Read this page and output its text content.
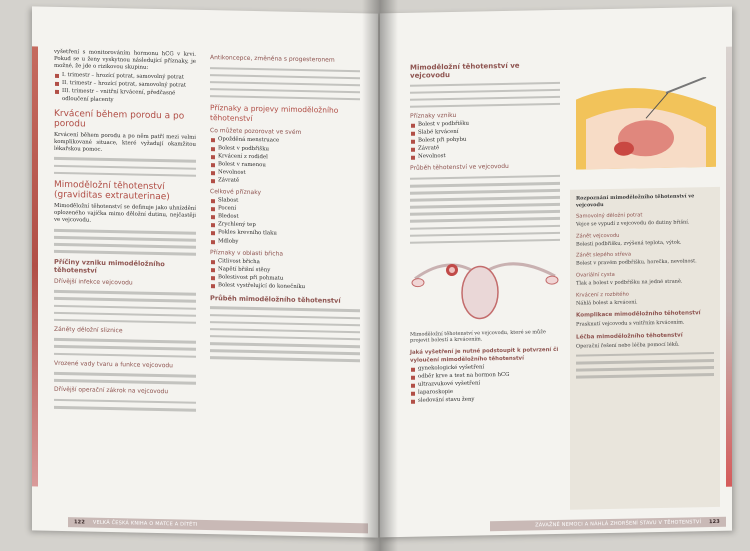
vyšetření s monitorováním hormonu hCG v krvi. Pokud se u ženy vyskytnou následující příznaky, je možné, že jde o rizikovou skupinu:
I. trimestr – hrozící potrat, samovolný potrat
II. trimestr – hrozící potrat, samovolný potrat
III. trimestr – vnitřní krvácení, předčasné odloučení placenty
Krvácení během porodu a po porodu
Krvácení během porodu a po něm patří mezi velmi komplikované situace, které vyžadují okamžitou lékařskou pomoc.
Mimoděložní těhotenství (graviditas extrauterinae)
Mimoděložní těhotenství se definuje jako uhnízdění oplozeného vajíčka mimo děložní dutinu, nejčastěji ve vejcovodu.
Příčiny vzniku mimoděložního těhotenství
Dřívější infekce vejcovodu
Záněty děložní sliznice
Vrozené vady tvaru a funkce vejcovodu
Dřívější operační zákrok na vejcovodu
Antikoncepce, změněna s progesteronem
Příznaky a projevy mimoděložního těhotenství
Co můžete pozorovat ve svém
Opožděná menstruace
Bolest v podbřišku
Krvácení z rodidel
Bolest v ramenou
Nevolnost
Závratě
Celkové příznaky
Slabost
Pocení
Bledost
Zrychlený tep
Pokles krevního tlaku
Mdloby
Příznaky v oblasti břicha
Citlivost břicha
Napětí břišní stěny
Bolestivost při pohmatu
Bolest vystřelující do konečníku
Průběh mimoděložního těhotenství
122 VELKÁ ČESKÁ KNIHA O MATCE A DÍTĚTI
Mimoděložní těhotenství ve vejcovodu
Příznaky vzniku
Bolest v podbřišku
Slabé krvácení
Bolest při pohybu
Závratě
Nevolnost
Průběh těhotenství ve vejcovodu
Mimoděložní těhotenství ve vejcovodu, které se může projevit bolestí a krvácením.
Jaká vyšetření je nutné podstoupit k potvrzení či vyloučení mimoděložního těhotenství
gynekologické vyšetření
odběr krve a test na hormon hCG
ultrazvukové vyšetření
laparoskopie
sledování stavu ženy
Rozpoznání mimoděložního těhotenství ve vejcovodu
Samovolný děložní potrat
Vejce se vypudí z vejcovodu do dutiny břišní.
Zánět vejcovodu
Bolesti podbřišku, zvýšená teplota, výtok.
Zánět slepého střeva
Bolest v pravém podbřišku, horečka, nevolnost.
Ovariální cysta
Tlak a bolest v podbřišku na jedné straně.
Krvácení z rozbitého
Náhlá bolest a krvácení.
Komplikace mimoděložního těhotenství
Prasknutí vejcovodu s vnitřním krvácením.
Léčba mimoděložního těhotenství
Operační řešení nebo léčba pomocí léků.
ZÁVAŽNÉ NEMOCI A NÁHLÁ ZHORŠENÍ STAVU V TĚHOTENSTVÍ 123
